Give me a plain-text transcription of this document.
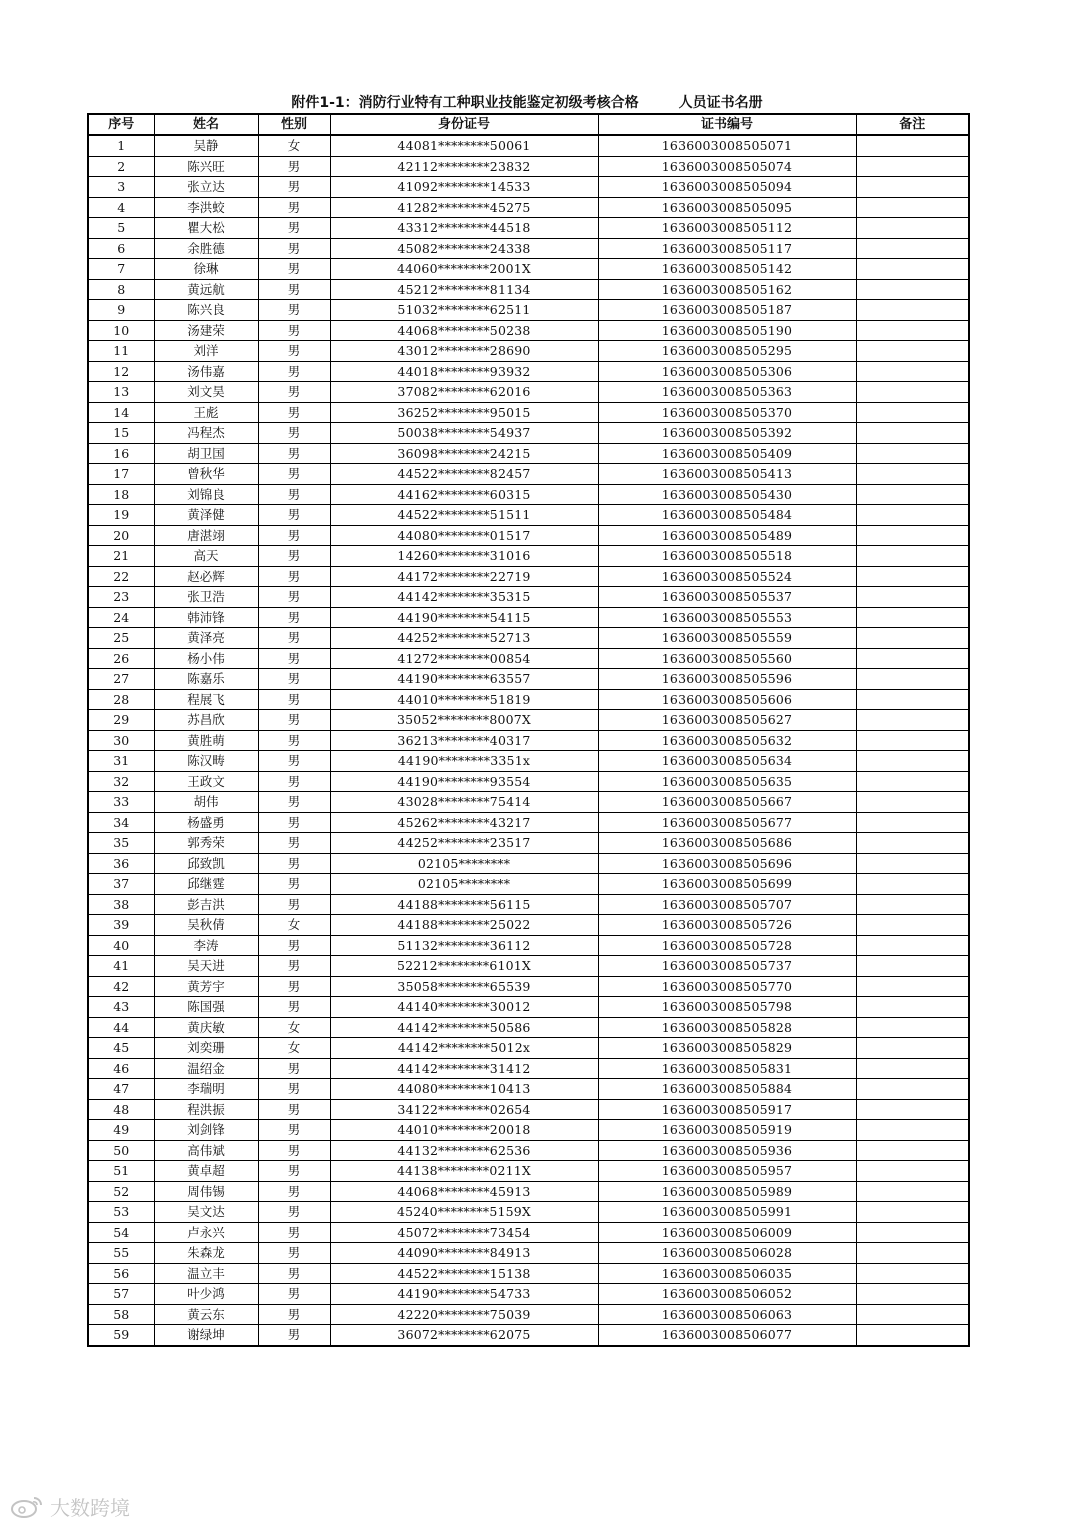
附件1-1：消防行业特有工种职业技能鉴定初级考核合格	人员证书名册
序号	姓名	性别	身份证号	证书编号	备注
1	吴静	女	44081********50061	1636003008505071	
2	陈兴旺	男	42112********23832	1636003008505074	
3	张立达	男	41092********14533	1636003008505094	
4	李洪蛟	男	41282********45275	1636003008505095	
5	瞿大松	男	43312********44518	1636003008505112	
6	余胜德	男	45082********24338	1636003008505117	
7	徐琳	男	44060********2001X	1636003008505142	
8	黄远航	男	45212********81134	1636003008505162	
9	陈兴良	男	51032********62511	1636003008505187	
10	汤建荣	男	44068********50238	1636003008505190	
11	刘洋	男	43012********28690	1636003008505295	
12	汤伟嘉	男	44018********93932	1636003008505306	
13	刘文昊	男	37082********62016	1636003008505363	
14	王彪	男	36252********95015	1636003008505370	
15	冯程杰	男	50038********54937	1636003008505392	
16	胡卫国	男	36098********24215	1636003008505409	
17	曾秋华	男	44522********82457	1636003008505413	
18	刘锦良	男	44162********60315	1636003008505430	
19	黄泽健	男	44522********51511	1636003008505484	
20	唐湛翊	男	44080********01517	1636003008505489	
21	高天	男	14260********31016	1636003008505518	
22	赵必辉	男	44172********22719	1636003008505524	
23	张卫浩	男	44142********35315	1636003008505537	
24	韩沛锋	男	44190********54115	1636003008505553	
25	黄泽亮	男	44252********52713	1636003008505559	
26	杨小伟	男	41272********00854	1636003008505560	
27	陈嘉乐	男	44190********63557	1636003008505596	
28	程展飞	男	44010********51819	1636003008505606	
29	苏昌欣	男	35052********8007X	1636003008505627	
30	黄胜萌	男	36213********40317	1636003008505632	
31	陈汉畴	男	44190********3351x	1636003008505634	
32	王政文	男	44190********93554	1636003008505635	
33	胡伟	男	43028********75414	1636003008505667	
34	杨盛勇	男	45262********43217	1636003008505677	
35	郭秀荣	男	44252********23517	1636003008505686	
36	邱致凯	男	02105********	1636003008505696	
37	邱继霆	男	02105********	1636003008505699	
38	彭吉洪	男	44188********56115	1636003008505707	
39	吴秋倩	女	44188********25022	1636003008505726	
40	李涛	男	51132********36112	1636003008505728	
41	吴天进	男	52212********6101X	1636003008505737	
42	黄芳宇	男	35058********65539	1636003008505770	
43	陈国强	男	44140********30012	1636003008505798	
44	黄庆敏	女	44142********50586	1636003008505828	
45	刘奕珊	女	44142********5012x	1636003008505829	
46	温绍金	男	44142********31412	1636003008505831	
47	李瑞明	男	44080********10413	1636003008505884	
48	程洪振	男	34122********02654	1636003008505917	
49	刘剑锋	男	44010********20018	1636003008505919	
50	高伟斌	男	44132********62536	1636003008505936	
51	黄卓超	男	44138********0211X	1636003008505957	
52	周伟锡	男	44068********45913	1636003008505989	
53	吴文达	男	45240********5159X	1636003008505991	
54	卢永兴	男	45072********73454	1636003008506009	
55	朱森龙	男	44090********84913	1636003008506028	
56	温立丰	男	44522********15138	1636003008506035	
57	叶少鸿	男	44190********54733	1636003008506052	
58	黄云东	男	42220********75039	1636003008506063	
59	谢绿坤	男	36072********62075	1636003008506077	
大数跨境
